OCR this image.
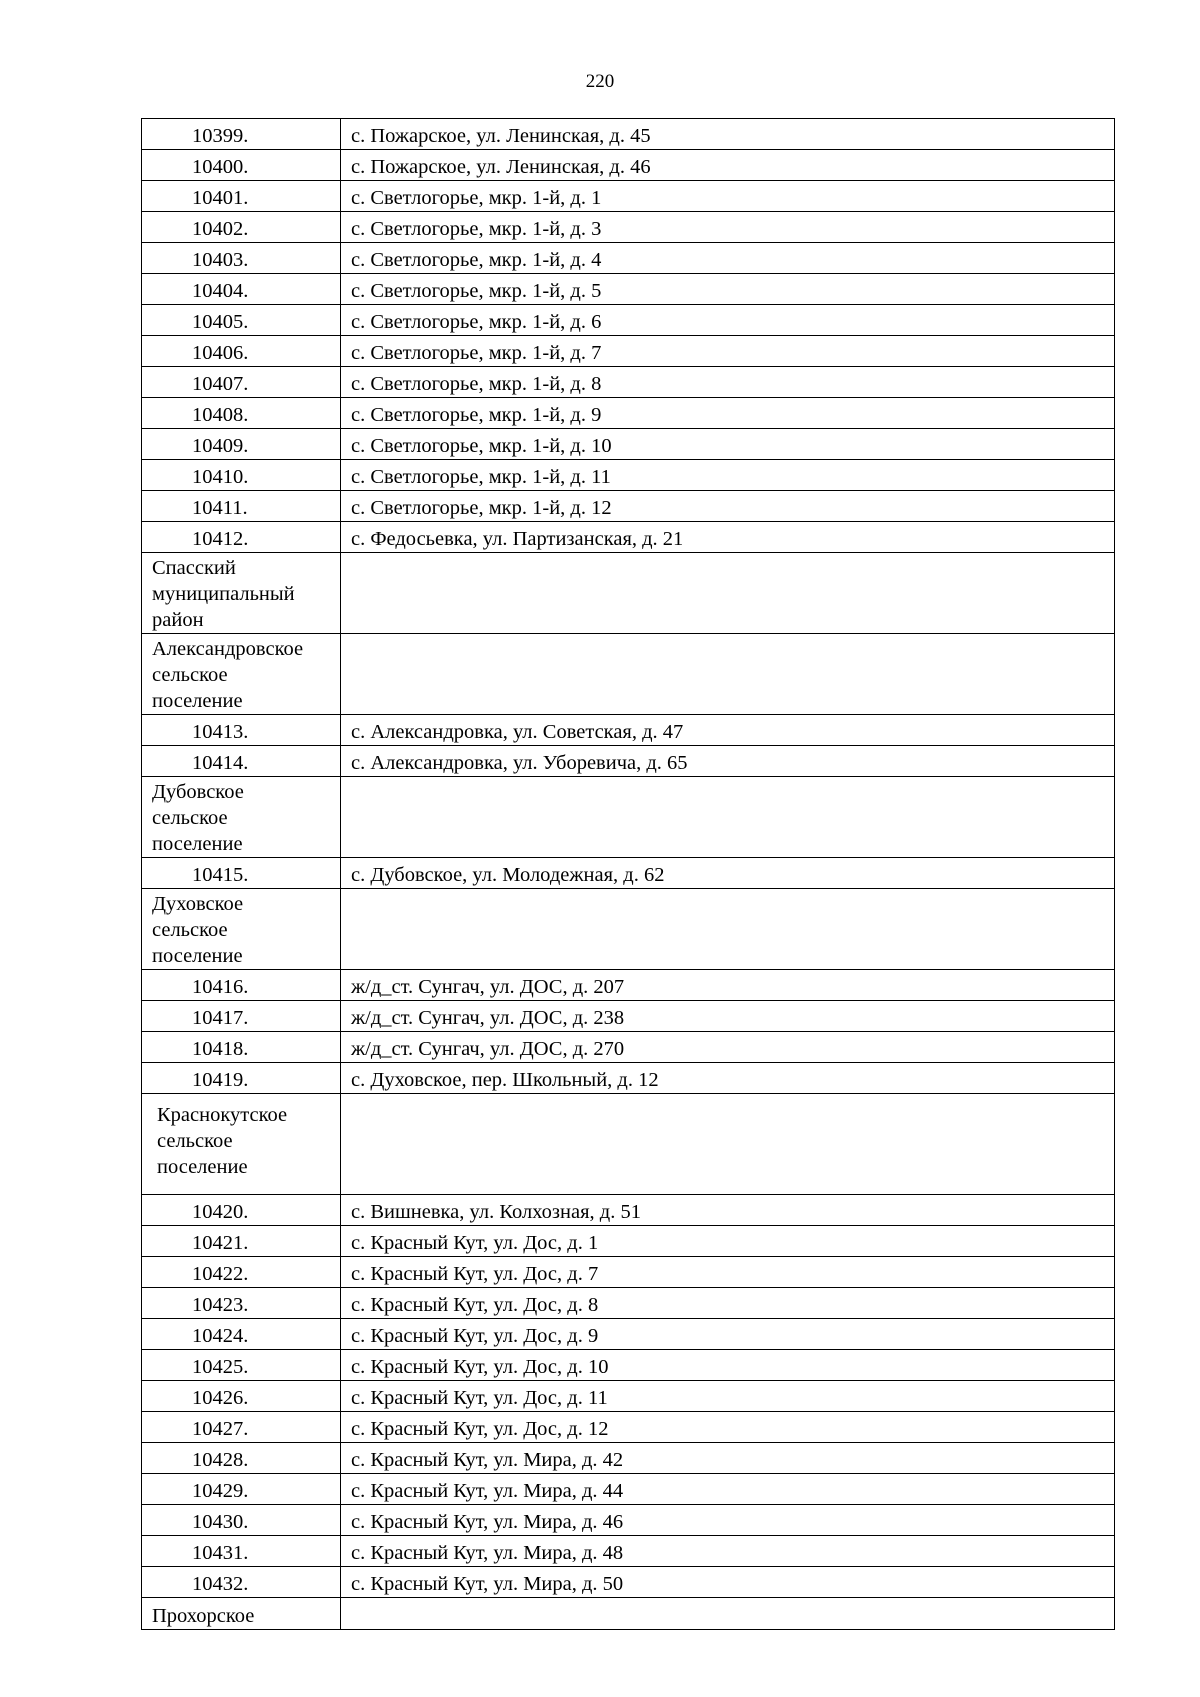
220
10399.	с. Пожарское, ул. Ленинская, д. 45
10400.	с. Пожарское, ул. Ленинская, д. 46
10401.	с. Светлогорье, мкр. 1-й, д. 1
10402.	с. Светлогорье, мкр. 1-й, д. 3
10403.	с. Светлогорье, мкр. 1-й, д. 4
10404.	с. Светлогорье, мкр. 1-й, д. 5
10405.	с. Светлогорье, мкр. 1-й, д. 6
10406.	с. Светлогорье, мкр. 1-й, д. 7
10407.	с. Светлогорье, мкр. 1-й, д. 8
10408.	с. Светлогорье, мкр. 1-й, д. 9
10409.	с. Светлогорье, мкр. 1-й, д. 10
10410.	с. Светлогорье, мкр. 1-й, д. 11
10411.	с. Светлогорье, мкр. 1-й, д. 12
10412.	с. Федосьевка, ул. Партизанская, д. 21

Спасский
муниципальный
район	

Александровское
сельское
поселение	

10413.	с. Александровка, ул. Советская, д. 47
10414.	с. Александровка, ул. Уборевича, д. 65

Дубовское
сельское
поселение	

10415.	с. Дубовское, ул. Молодежная, д. 62

Духовское
сельское
поселение	

10416.	ж/д_ст. Сунгач, ул. ДОС, д. 207
10417.	ж/д_ст. Сунгач, ул. ДОС, д. 238
10418.	ж/д_ст. Сунгач, ул. ДОС, д. 270
10419.	с. Духовское, пер. Школьный, д. 12

Краснокутское
сельское
поселение	

10420.	с. Вишневка, ул. Колхозная, д. 51
10421.	с. Красный Кут, ул. Дос, д. 1
10422.	с. Красный Кут, ул. Дос, д. 7
10423.	с. Красный Кут, ул. Дос, д. 8
10424.	с. Красный Кут, ул. Дос, д. 9
10425.	с. Красный Кут, ул. Дос, д. 10
10426.	с. Красный Кут, ул. Дос, д. 11
10427.	с. Красный Кут, ул. Дос, д. 12
10428.	с. Красный Кут, ул. Мира, д. 42
10429.	с. Красный Кут, ул. Мира, д. 44
10430.	с. Красный Кут, ул. Мира, д. 46
10431.	с. Красный Кут, ул. Мира, д. 48
10432.	с. Красный Кут, ул. Мира, д. 50

Прохорское	
